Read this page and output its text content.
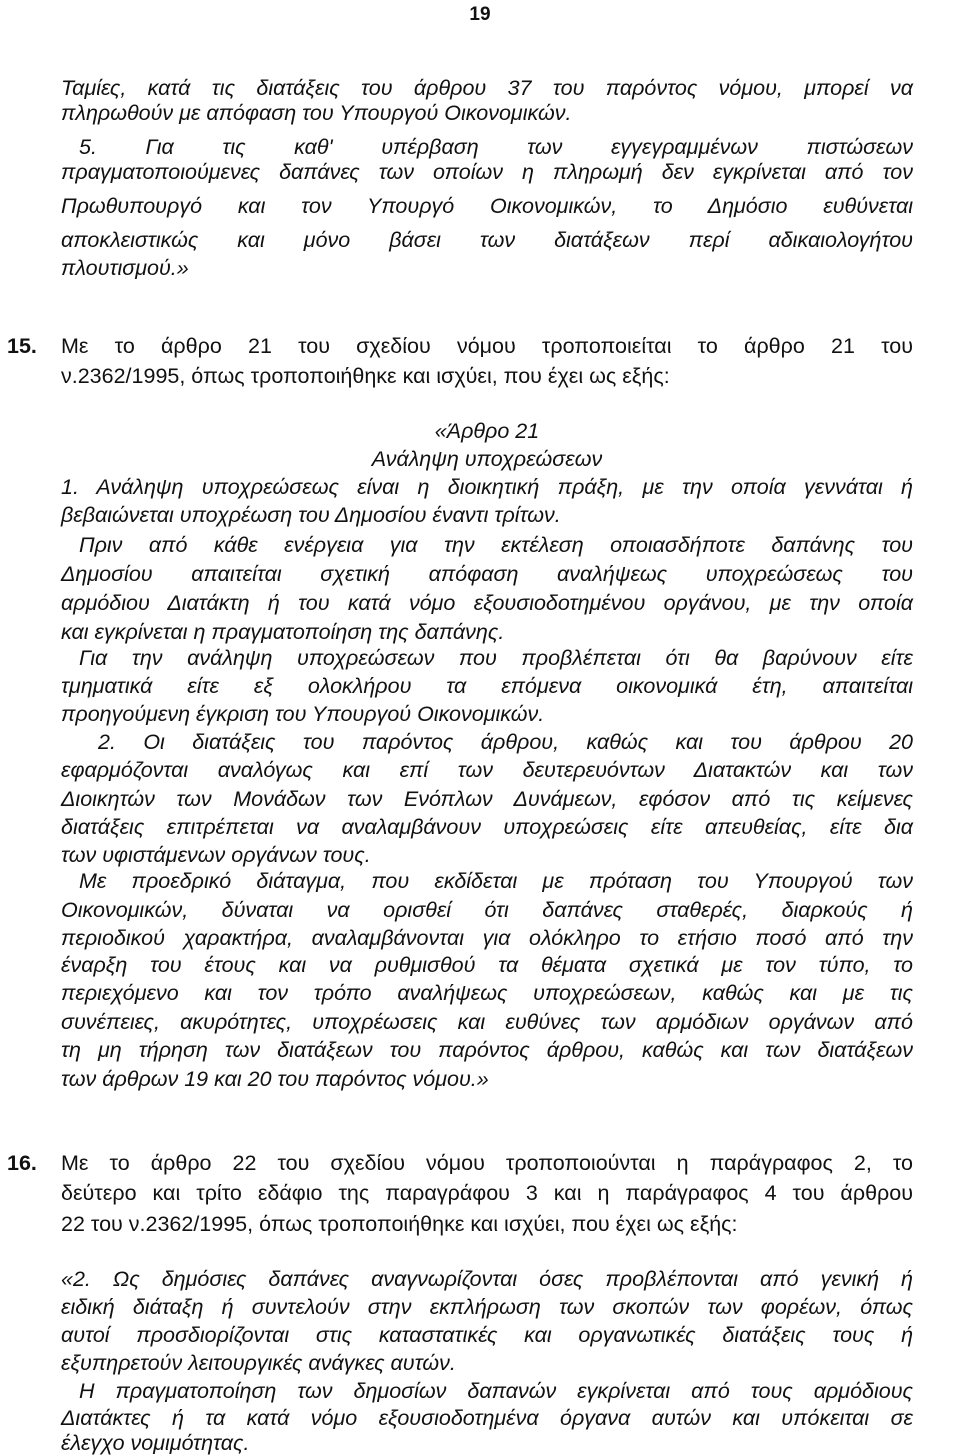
19
Ταμίες, κατά τις διατάξεις του άρθρου 37 του παρόντος νόμου, μπορεί να
πληρωθούν με απόφαση του Υπουργού Οικονομικών.
5. Για τις καθ' υπέρβαση των εγγεγραμμένων πιστώσεων
πραγματοποιούμενες δαπάνες των οποίων η πληρωμή δεν εγκρίνεται από τον
Πρωθυπουργό και τον Υπουργό Οικονομικών, το Δημόσιο ευθύνεται
αποκλειστικώς και μόνο βάσει των διατάξεων περί αδικαιολογήτου
πλουτισμού.»
15. Με το άρθρο 21 του σχεδίου νόμου τροποποιείται το άρθρο 21 του
ν.2362/1995, όπως τροποποιήθηκε και ισχύει, που έχει ως εξής:
«Άρθρο 21
Ανάληψη υποχρεώσεων
1. Ανάληψη υποχρεώσεως είναι η διοικητική πράξη, με την οποία γεννάται ή
βεβαιώνεται υποχρέωση του Δημοσίου έναντι τρίτων.
Πριν από κάθε ενέργεια για την εκτέλεση οποιασδήποτε δαπάνης του
Δημοσίου απαιτείται σχετική απόφαση αναλήψεως υποχρεώσεως του
αρμόδιου Διατάκτη ή του κατά νόμο εξουσιοδοτημένου οργάνου, με την οποία
και εγκρίνεται η πραγματοποίηση της δαπάνης.
Για την ανάληψη υποχρεώσεων που προβλέπεται ότι θα βαρύνουν είτε
τμηματικά είτε εξ ολοκλήρου τα επόμενα οικονομικά έτη, απαιτείται
προηγούμενη έγκριση του Υπουργού Οικονομικών.
2. Οι διατάξεις του παρόντος άρθρου, καθώς και του άρθρου 20
εφαρμόζονται αναλόγως και επί των δευτερευόντων Διατακτών και των
Διοικητών των Μονάδων των Ενόπλων Δυνάμεων, εφόσον από τις κείμενες
διατάξεις επιτρέπεται να αναλαμβάνουν υποχρεώσεις είτε απευθείας, είτε δια
των υφιστάμενων οργάνων τους.
Με προεδρικό διάταγμα, που εκδίδεται με πρόταση του Υπουργού των
Οικονομικών, δύναται να ορισθεί ότι δαπάνες σταθερές, διαρκούς ή
περιοδικού χαρακτήρα, αναλαμβάνονται για ολόκληρο το ετήσιο ποσό από την
έναρξη του έτους και να ρυθμισθού τα θέματα σχετικά με τον τύπο, το
περιεχόμενο και τον τρόπο αναλήψεως υποχρεώσεων, καθώς και με τις
συνέπειες, ακυρότητες, υποχρέωσεις και ευθύνες των αρμόδιων οργάνων από
τη μη τήρηση των διατάξεων του παρόντος άρθρου, καθώς και των διατάξεων
των άρθρων 19 και 20 του παρόντος νόμου.»
16. Με το άρθρο 22 του σχεδίου νόμου τροποποιούνται η παράγραφος 2, το
δεύτερο και τρίτο εδάφιο της παραγράφου 3 και η παράγραφος 4 του άρθρου
22 του ν.2362/1995, όπως τροποποιήθηκε και ισχύει, που έχει ως εξής:
«2. Ως δημόσιες δαπάνες αναγνωρίζονται όσες προβλέπονται από γενική ή
ειδική διάταξη ή συντελούν στην εκπλήρωση των σκοπών των φορέων, όπως
αυτοί προσδιορίζονται στις καταστατικές και οργανωτικές διατάξεις τους ή
εξυπηρετούν λειτουργικές ανάγκες αυτών.
Η πραγματοποίηση των δημοσίων δαπανών εγκρίνεται από τους αρμόδιους
Διατάκτες ή τα κατά νόμο εξουσιοδοτημένα όργανα αυτών και υπόκειται σε
έλεγχο νομιμότητας.
